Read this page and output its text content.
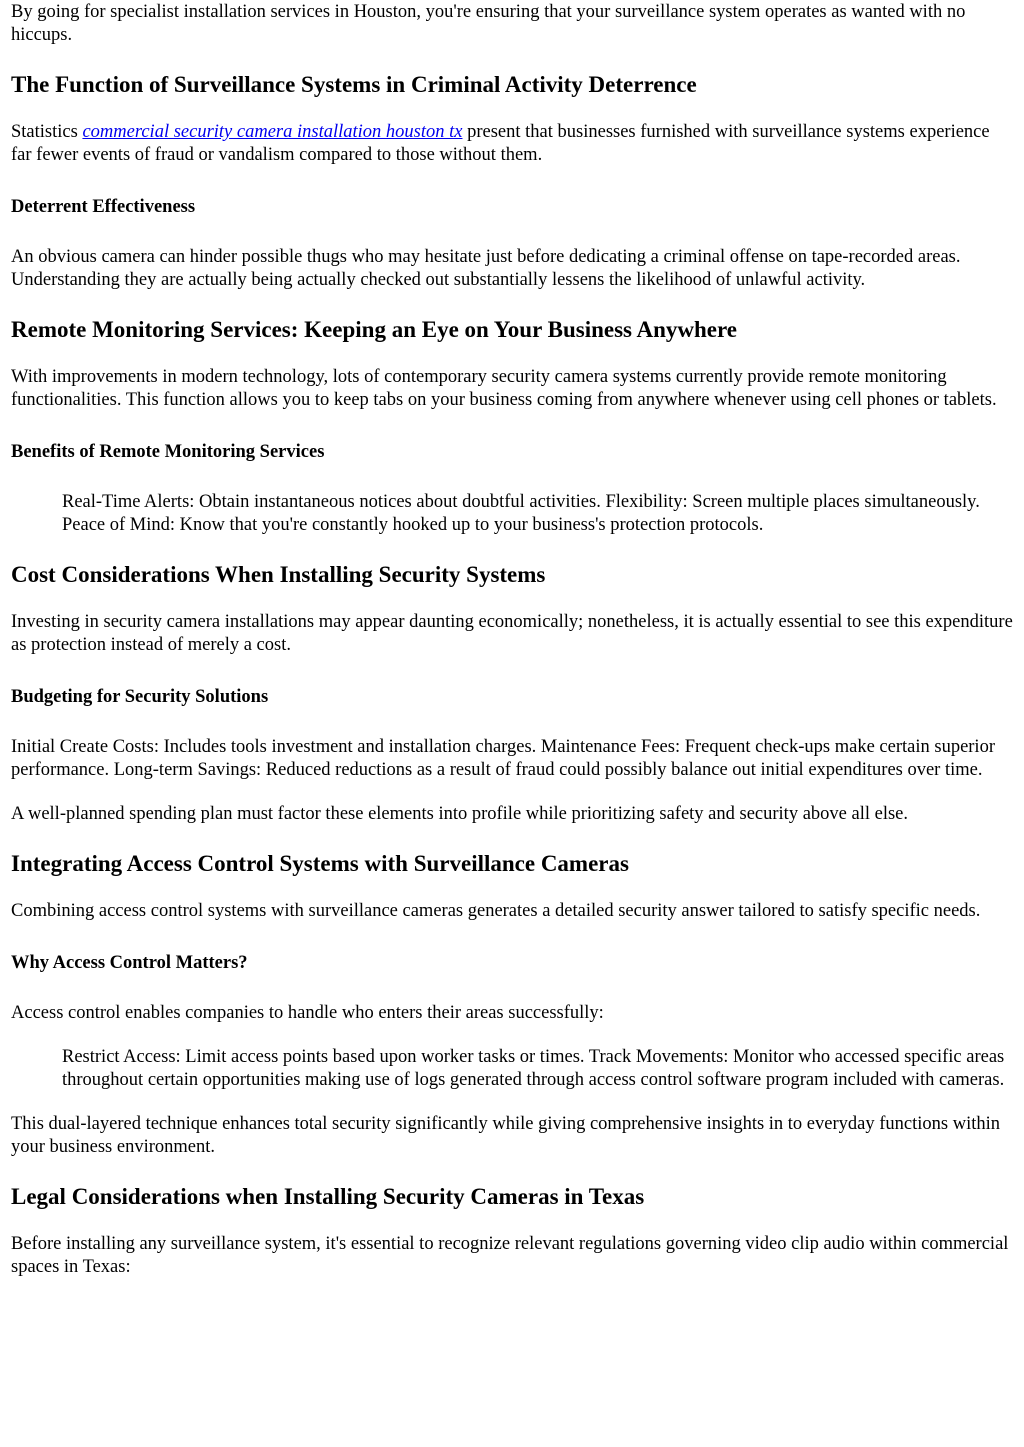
By going for specialist installation services in Houston, you're ensuring that your surveillance system operates as wanted with no hiccups.

The Function of Surveillance Systems in Criminal Activity Deterrence

Statistics commercial security camera installation houston tx present that businesses furnished with surveillance systems experience far fewer events of fraud or vandalism compared to those without them.

Deterrent Effectiveness

An obvious camera can hinder possible thugs who may hesitate just before dedicating a criminal offense on tape-recorded areas. Understanding they are actually being actually checked out substantially lessens the likelihood of unlawful activity.

Remote Monitoring Services: Keeping an Eye on Your Business Anywhere

With improvements in modern technology, lots of contemporary security camera systems currently provide remote monitoring functionalities. This function allows you to keep tabs on your business coming from anywhere whenever using cell phones or tablets.

Benefits of Remote Monitoring Services
Real-Time Alerts: Obtain instantaneous notices about doubtful activities. Flexibility: Screen multiple places simultaneously. Peace of Mind: Know that you're constantly hooked up to your business's protection protocols.
Cost Considerations When Installing Security Systems

Investing in security camera installations may appear daunting economically; nonetheless, it is actually essential to see this expenditure as protection instead of merely a cost.

Budgeting for Security Solutions

Initial Create Costs: Includes tools investment and installation charges. Maintenance Fees: Frequent check-ups make certain superior performance. Long-term Savings: Reduced reductions as a result of fraud could possibly balance out initial expenditures over time.

A well-planned spending plan must factor these elements into profile while prioritizing safety and security above all else.

Integrating Access Control Systems with Surveillance Cameras

Combining access control systems with surveillance cameras generates a detailed security answer tailored to satisfy specific needs.

Why Access Control Matters?

Access control enables companies to handle who enters their areas successfully:

Restrict Access: Limit access points based upon worker tasks or times. Track Movements: Monitor who accessed specific areas throughout certain opportunities making use of logs generated through access control software program included with cameras.

This dual-layered technique enhances total security significantly while giving comprehensive insights in to everyday functions within your business environment.

Legal Considerations when Installing Security Cameras in Texas

Before installing any surveillance system, it's essential to recognize relevant regulations governing video clip audio within commercial spaces in Texas:
